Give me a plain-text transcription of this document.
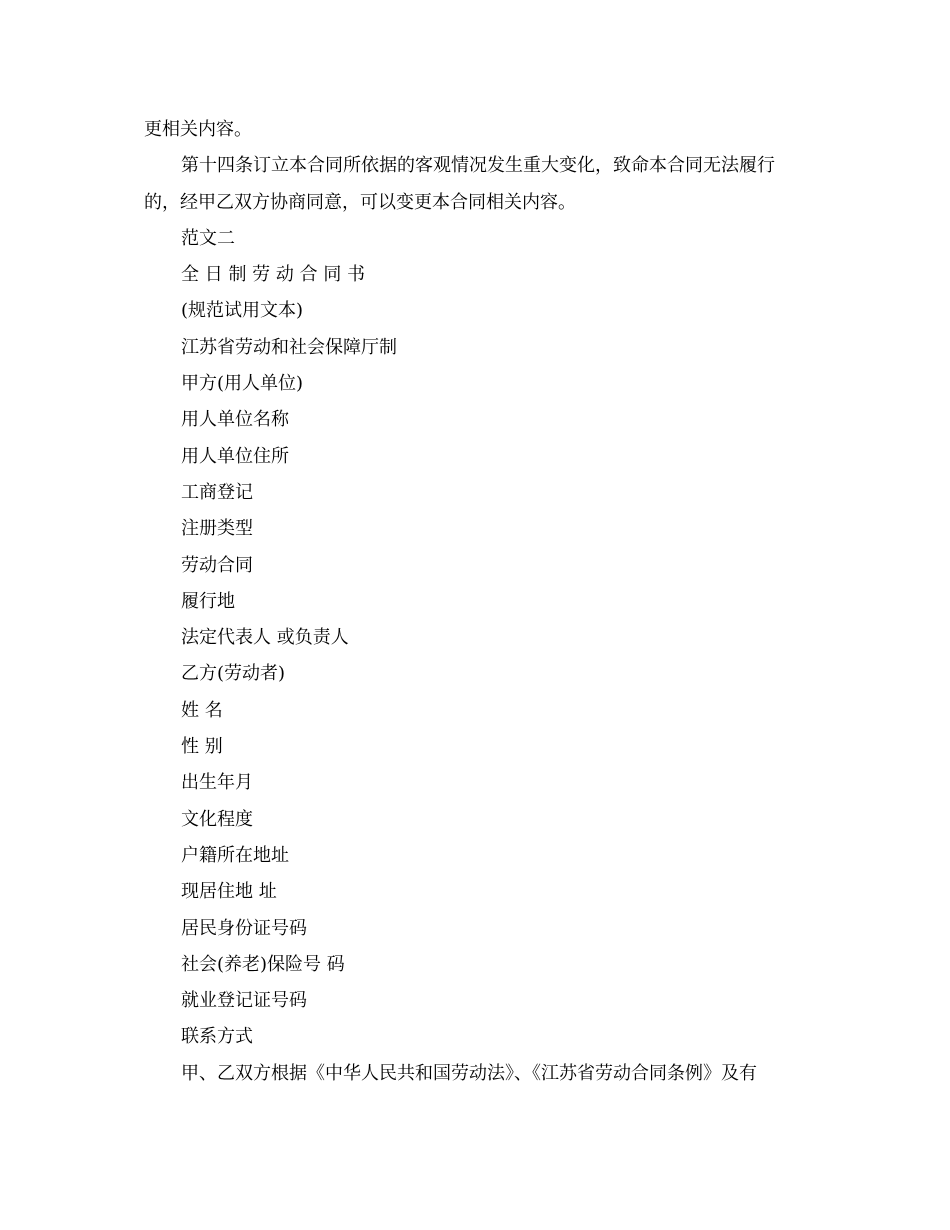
更相关内容。
第十四条订立本合同所依据的客观情况发生重大变化，致命本合同无法履行
的，经甲乙双方协商同意，可以变更本合同相关内容。
范文二
全 日 制 劳 动 合 同 书
(规范试用文本)
江苏省劳动和社会保障厅制
甲方(用人单位)
用人单位名称
用人单位住所
工商登记
注册类型
劳动合同
履行地
法定代表人 或负责人
乙方(劳动者)
姓 名
性 别
出生年月
文化程度
户籍所在地址
现居住地 址
居民身份证号码
社会(养老)保险号 码
就业登记证号码
联系方式
甲、乙双方根据《中华人民共和国劳动法》、《江苏省劳动合同条例》及有
